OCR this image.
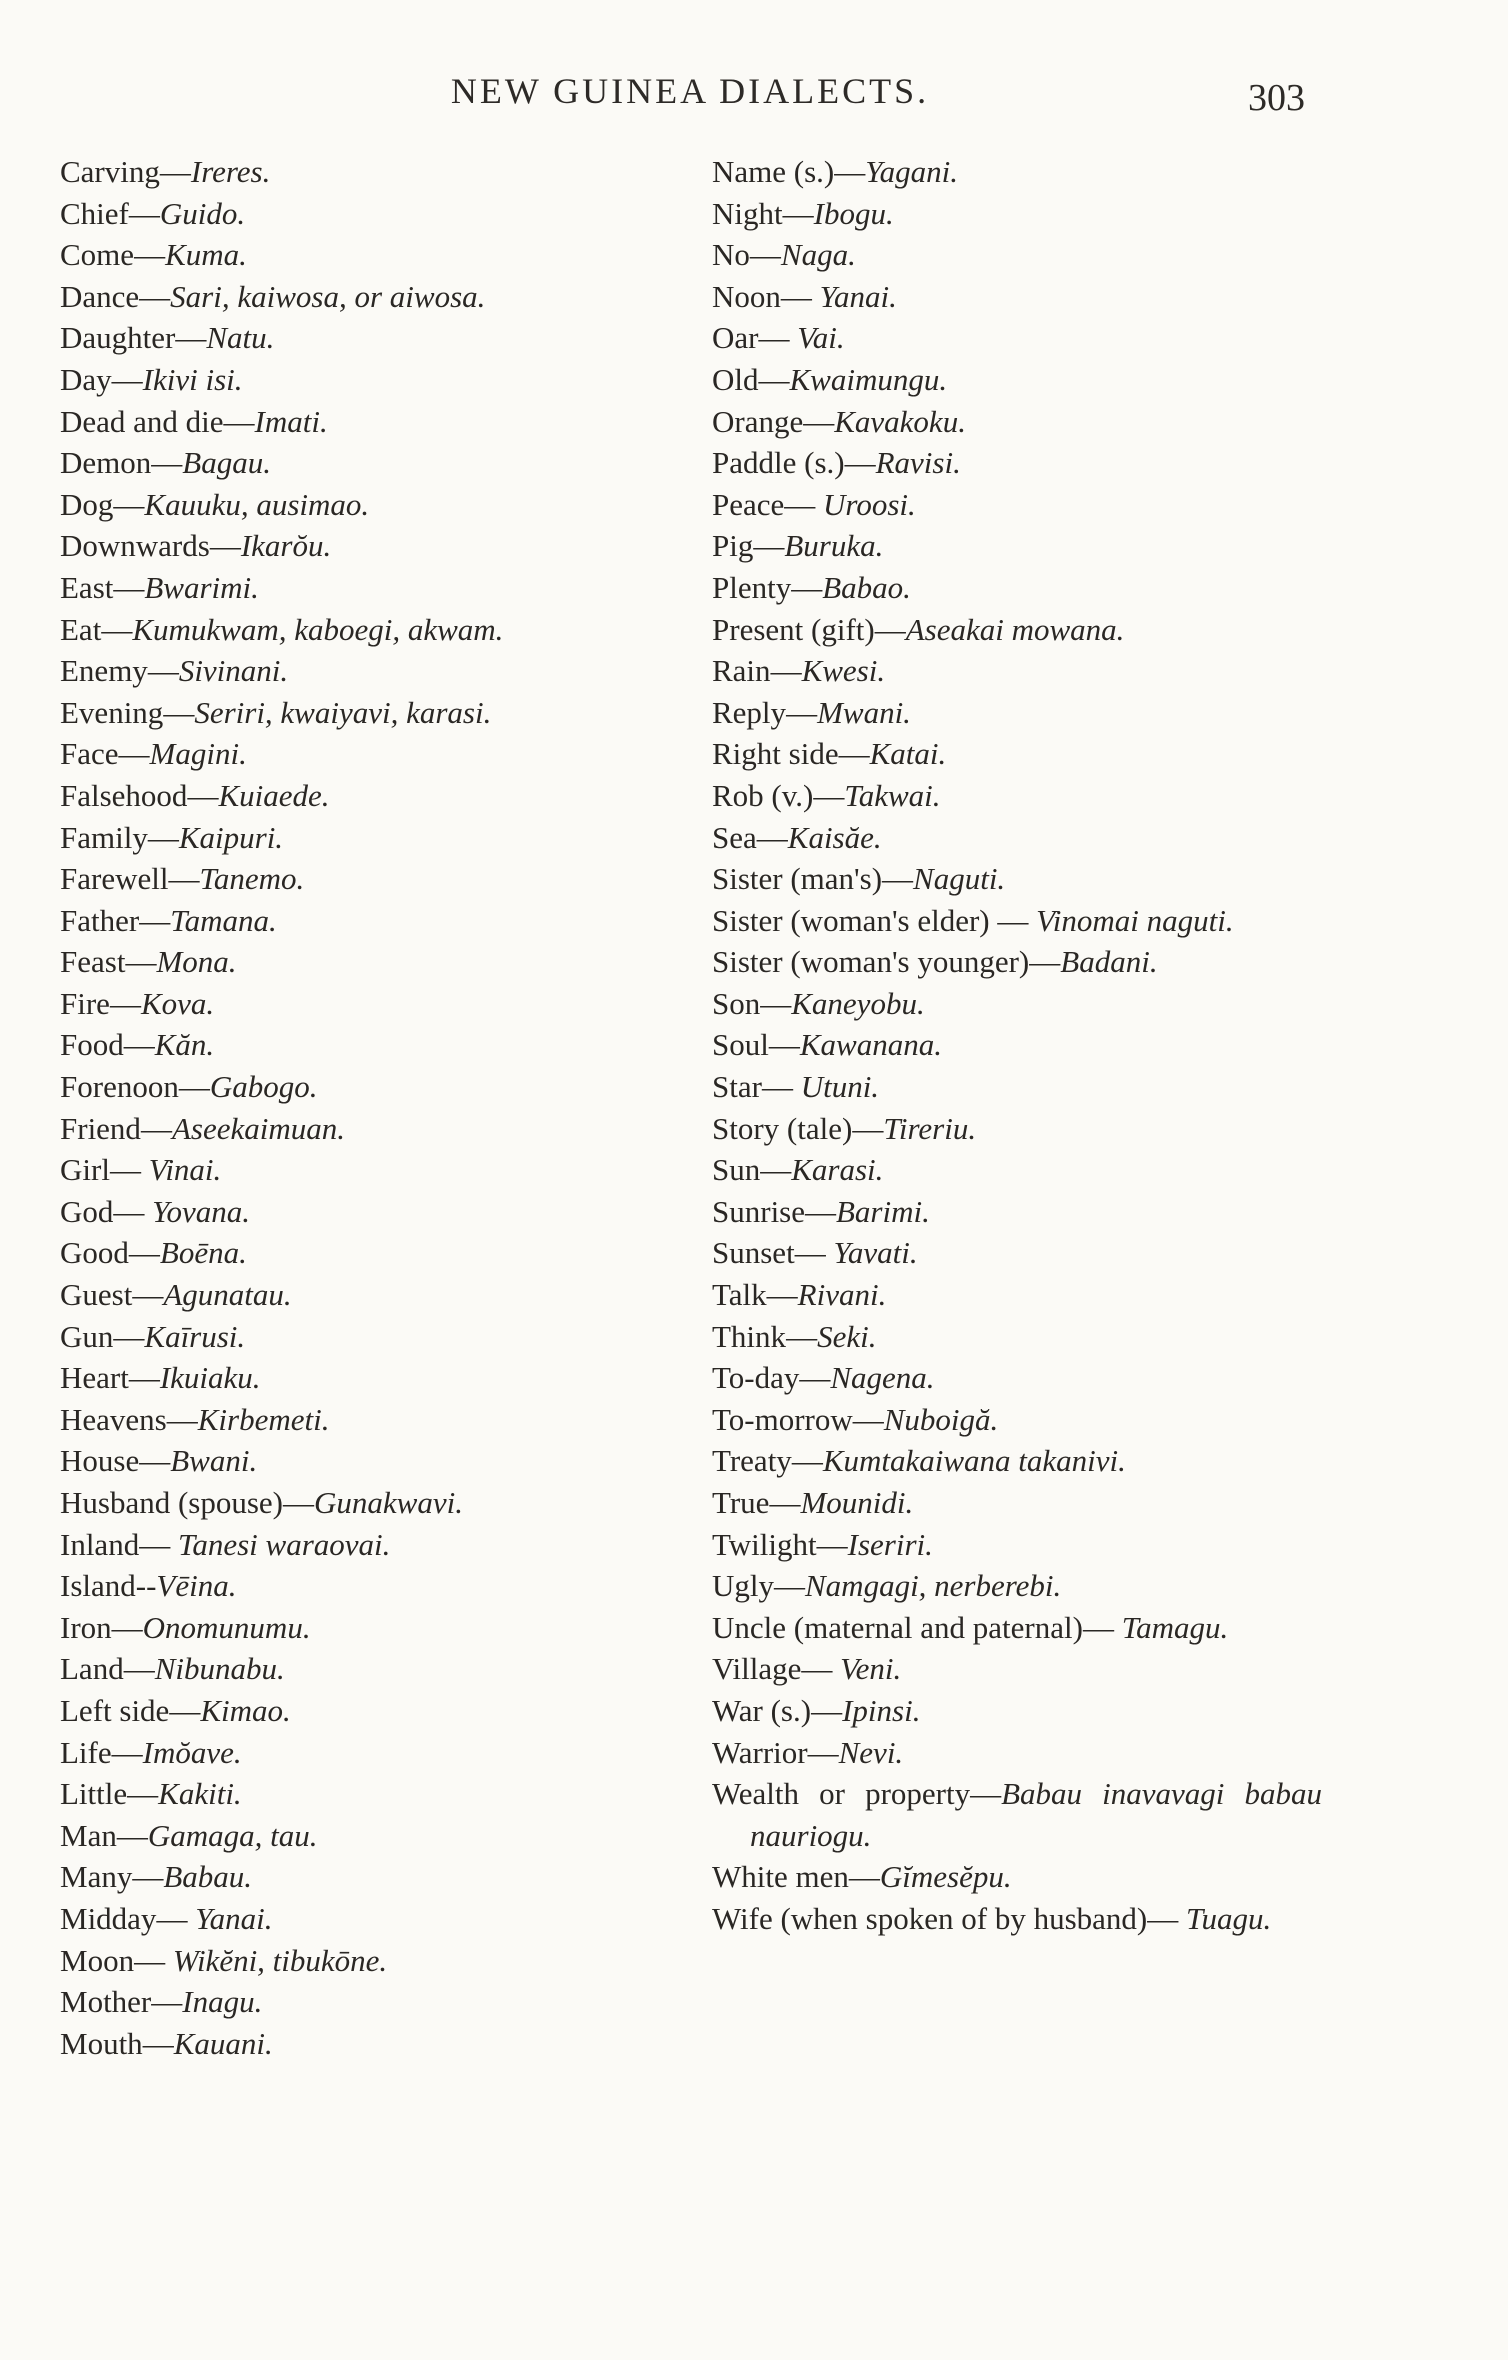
NEW GUINEA DIALECTS.	303
Carving—Ireres.
Chief—Guido.
Come—Kuma.
Dance—Sari, kaiwosa, or aiwosa.
Daughter—Natu.
Day—Ikivi isi.
Dead and die—Imati.
Demon—Bagau.
Dog—Kauuku, ausimao.
Downwards—Ikarŏu.
East—Bwarimi.
Eat—Kumukwam, kaboegi, akwam.
Enemy—Sivinani.
Evening—Seriri, kwaiyavi, karasi.
Face—Magini.
Falsehood—Kuiaede.
Family—Kaipuri.
Farewell—Tanemo.
Father—Tamana.
Feast—Mona.
Fire—Kova.
Food—Kăn.
Forenoon—Gabogo.
Friend—Aseekaimuan.
Girl— Vinai.
God— Yovana.
Good—Boēna.
Guest—Agunatau.
Gun—Kaīrusi.
Heart—Ikuiaku.
Heavens—Kirbemeti.
House—Bwani.
Husband (spouse)—Gunakwavi.
Inland— Tanesi waraovai.
Island--Vēina.
Iron—Onomunumu.
Land—Nibunabu.
Left side—Kimao.
Life—Imŏave.
Little—Kakiti.
Man—Gamaga, tau.
Many—Babau.
Midday— Yanai.
Moon— Wikĕni, tibukōne.
Mother—Inagu.
Mouth—Kauani.
Name (s.)—Yagani.
Night—Ibogu.
No—Naga.
Noon— Yanai.
Oar— Vai.
Old—Kwaimungu.
Orange—Kavakoku.
Paddle (s.)—Ravisi.
Peace— Uroosi.
Pig—Buruka.
Plenty—Babao.
Present (gift)—Aseakai mowana.
Rain—Kwesi.
Reply—Mwani.
Right side—Katai.
Rob (v.)—Takwai.
Sea—Kaisăe.
Sister (man's)—Naguti.
Sister (woman's elder) — Vinomai naguti.
Sister (woman's younger)—Badani.
Son—Kaneyobu.
Soul—Kawanana.
Star— Utuni.
Story (tale)—Tireriu.
Sun—Karasi.
Sunrise—Barimi.
Sunset— Yavati.
Talk—Rivani.
Think—Seki.
To-day—Nagena.
To-morrow—Nuboigă.
Treaty—Kumtakaiwana takanivi.
True—Mounidi.
Twilight—Iseriri.
Ugly—Namgagi, nerberebi.
Uncle (maternal and paternal)— Tamagu.
Village— Veni.
War (s.)—Ipinsi.
Warrior—Nevi.
Wealth or property—Babau inavavagi babau nauriogu.
White men—Gĭmesĕpu.
Wife (when spoken of by husband)— Tuagu.
